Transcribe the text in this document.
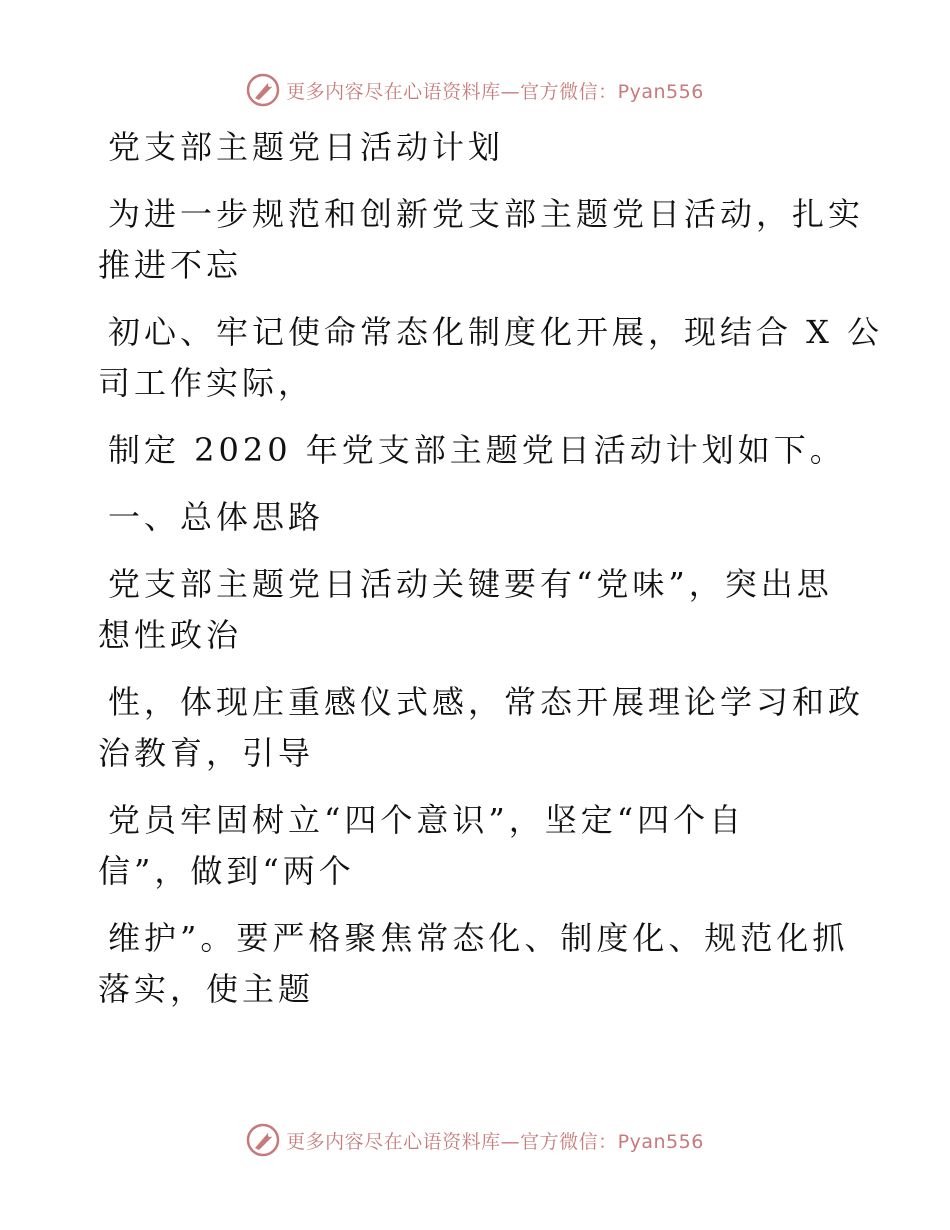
更多内容尽在心语资料库—官方微信：Pyan556

党支部主题党日活动计划

为进一步规范和创新党支部主题党日活动，扎实

推进不忘

初心、牢记使命常态化制度化开展，现结合 X 公

司工作实际，

制定 2020 年党支部主题党日活动计划如下。

一、总体思路

党支部主题党日活动关键要有“党味”，突出思

想性政治

性，体现庄重感仪式感，常态开展理论学习和政

治教育，引导

党员牢固树立“四个意识”，坚定“四个自

信”，做到“两个

维护”。要严格聚焦常态化、制度化、规范化抓

落实，使主题

更多内容尽在心语资料库—官方微信：Pyan556
